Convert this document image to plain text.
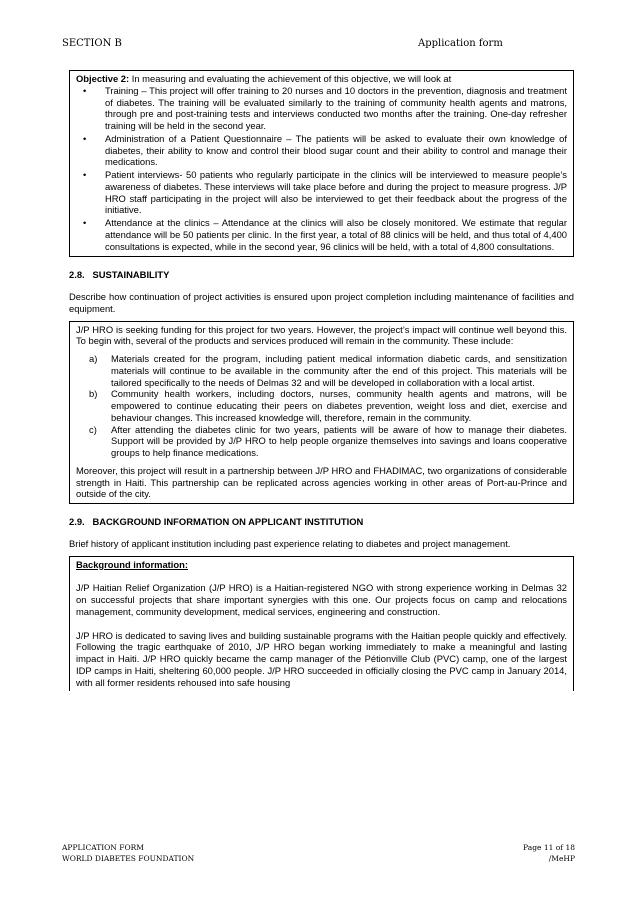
SECTION B	Application form

Objective 2: In measuring and evaluating the achievement of this objective, we will look at

• Training – This project will offer training to 20 nurses and 10 doctors in the prevention, diagnosis and treatment of diabetes. The training will be evaluated similarly to the training of community health agents and matrons, through pre and post-training tests and interviews conducted two months after the training. One-day refresher training will be held in the second year.
• Administration of a Patient Questionnaire – The patients will be asked to evaluate their own knowledge of diabetes, their ability to know and control their blood sugar count and their ability to control and manage their medications.
• Patient interviews- 50 patients who regularly participate in the clinics will be interviewed to measure people’s awareness of diabetes. These interviews will take place before and during the project to measure progress. J/P HRO staff participating in the project will also be interviewed to get their feedback about the progress of the initiative.
• Attendance at the clinics – Attendance at the clinics will also be closely monitored. We estimate that regular attendance will be 50 patients per clinic. In the first year, a total of 88 clinics will be held, and thus total of 4,400 consultations is expected, while in the second year, 96 clinics will be held, with a total of 4,800 consultations.
2.8.   SUSTAINABILITY

Describe how continuation of project activities is ensured upon project completion including maintenance of facilities and equipment.

J/P HRO is seeking funding for this project for two years. However, the project’s impact will continue well beyond this. To begin with, several of the products and services produced will remain in the community. These include:

a) Materials created for the program, including patient medical information diabetic cards, and sensitization materials will continue to be available in the community after the end of this project. This materials will be tailored specifically to the needs of Delmas 32 and will be developed in collaboration with a local artist.
b) Community health workers, including doctors, nurses, community health agents and matrons, will be empowered to continue educating their peers on diabetes prevention, weight loss and diet, exercise and behaviour changes. This increased knowledge will, therefore, remain in the community.
c) After attending the diabetes clinic for two years, patients will be aware of how to manage their diabetes. Support will be provided by J/P HRO to help people organize themselves into savings and loans cooperative groups to help finance medications.

Moreover, this project will result in a partnership between J/P HRO and FHADIMAC, two organizations of considerable strength in Haiti. This partnership can be replicated across agencies working in other areas of Port-au-Prince and outside of the city.

2.9.   BACKGROUND INFORMATION ON APPLICANT INSTITUTION

Brief history of applicant institution including past experience relating to diabetes and project management.

Background information:

J/P Haitian Relief Organization (J/P HRO) is a Haitian-registered NGO with strong experience working in Delmas 32 on successful projects that share important synergies with this one. Our projects focus on camp and relocations management, community development, medical services, engineering and construction.

J/P HRO is dedicated to saving lives and building sustainable programs with the Haitian people quickly and effectively. Following the tragic earthquake of 2010, J/P HRO began working immediately to make a meaningful and lasting impact in Haiti. J/P HRO quickly became the camp manager of the Pétionville Club (PVC) camp, one of the largest IDP camps in Haiti, sheltering 60,000 people. J/P HRO succeeded in officially closing the PVC camp in January 2014, with all former residents rehoused into safe housing

APPLICATION FORM
WORLD DIABETES FOUNDATION
Page 11 of 18
/MeHP
